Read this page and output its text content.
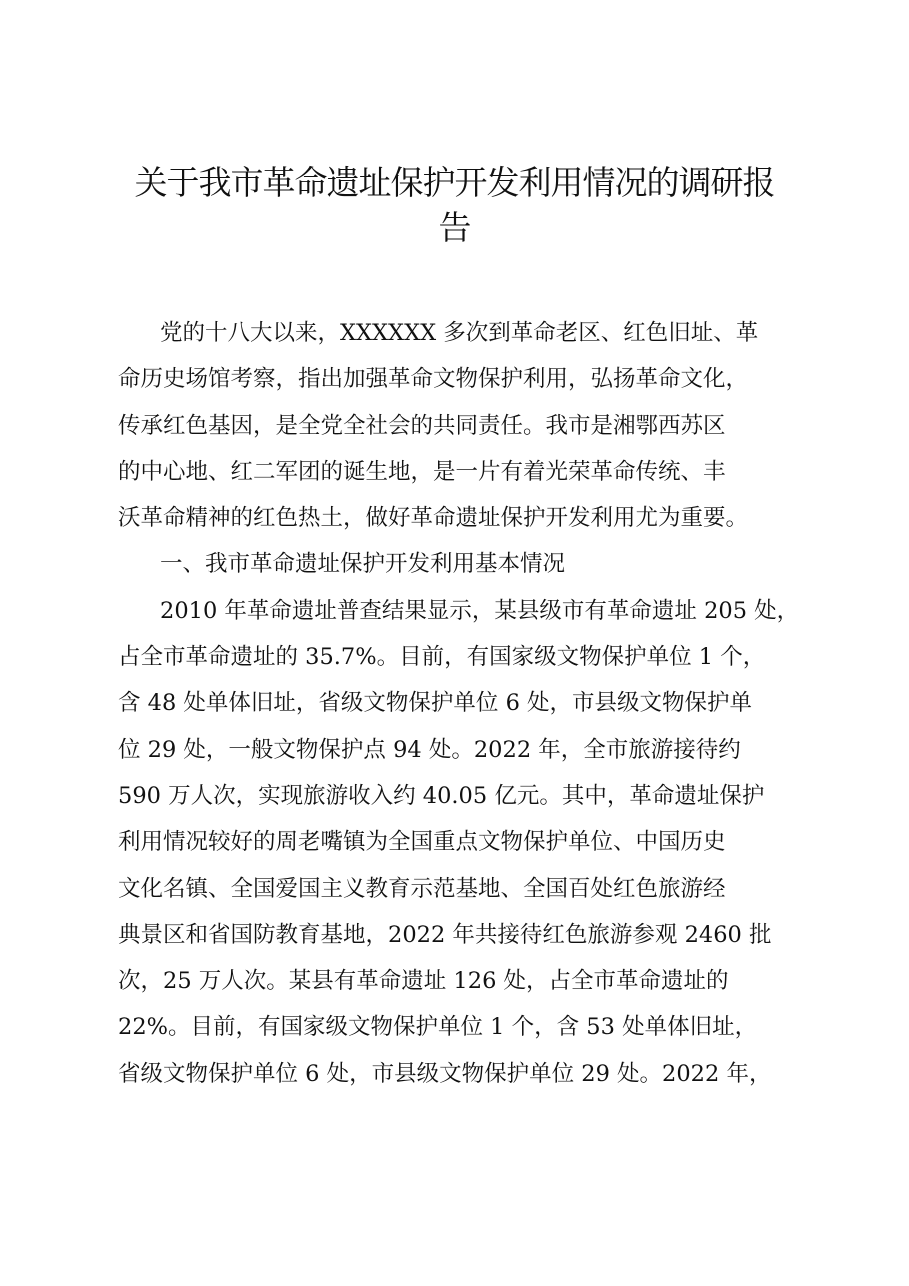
关于我市革命遗址保护开发利用情况的调研报
告
党的十八大以来，XXXXXX 多次到革命老区、红色旧址、革
命历史场馆考察，指出加强革命文物保护利用，弘扬革命文化，
传承红色基因，是全党全社会的共同责任。我市是湘鄂西苏区
的中心地、红二军团的诞生地，是一片有着光荣革命传统、丰
沃革命精神的红色热土，做好革命遗址保护开发利用尤为重要。
一、我市革命遗址保护开发利用基本情况
2010 年革命遗址普查结果显示，某县级市有革命遗址 205 处，
占全市革命遗址的 35.7%。目前，有国家级文物保护单位 1 个，
含 48 处单体旧址，省级文物保护单位 6 处，市县级文物保护单
位 29 处，一般文物保护点 94 处。2022 年，全市旅游接待约
590 万人次，实现旅游收入约 40.05 亿元。其中，革命遗址保护
利用情况较好的周老嘴镇为全国重点文物保护单位、中国历史
文化名镇、全国爱国主义教育示范基地、全国百处红色旅游经
典景区和省国防教育基地，2022 年共接待红色旅游参观 2460 批
次，25 万人次。某县有革命遗址 126 处，占全市革命遗址的
22%。目前，有国家级文物保护单位 1 个，含 53 处单体旧址，
省级文物保护单位 6 处，市县级文物保护单位 29 处。2022 年，
